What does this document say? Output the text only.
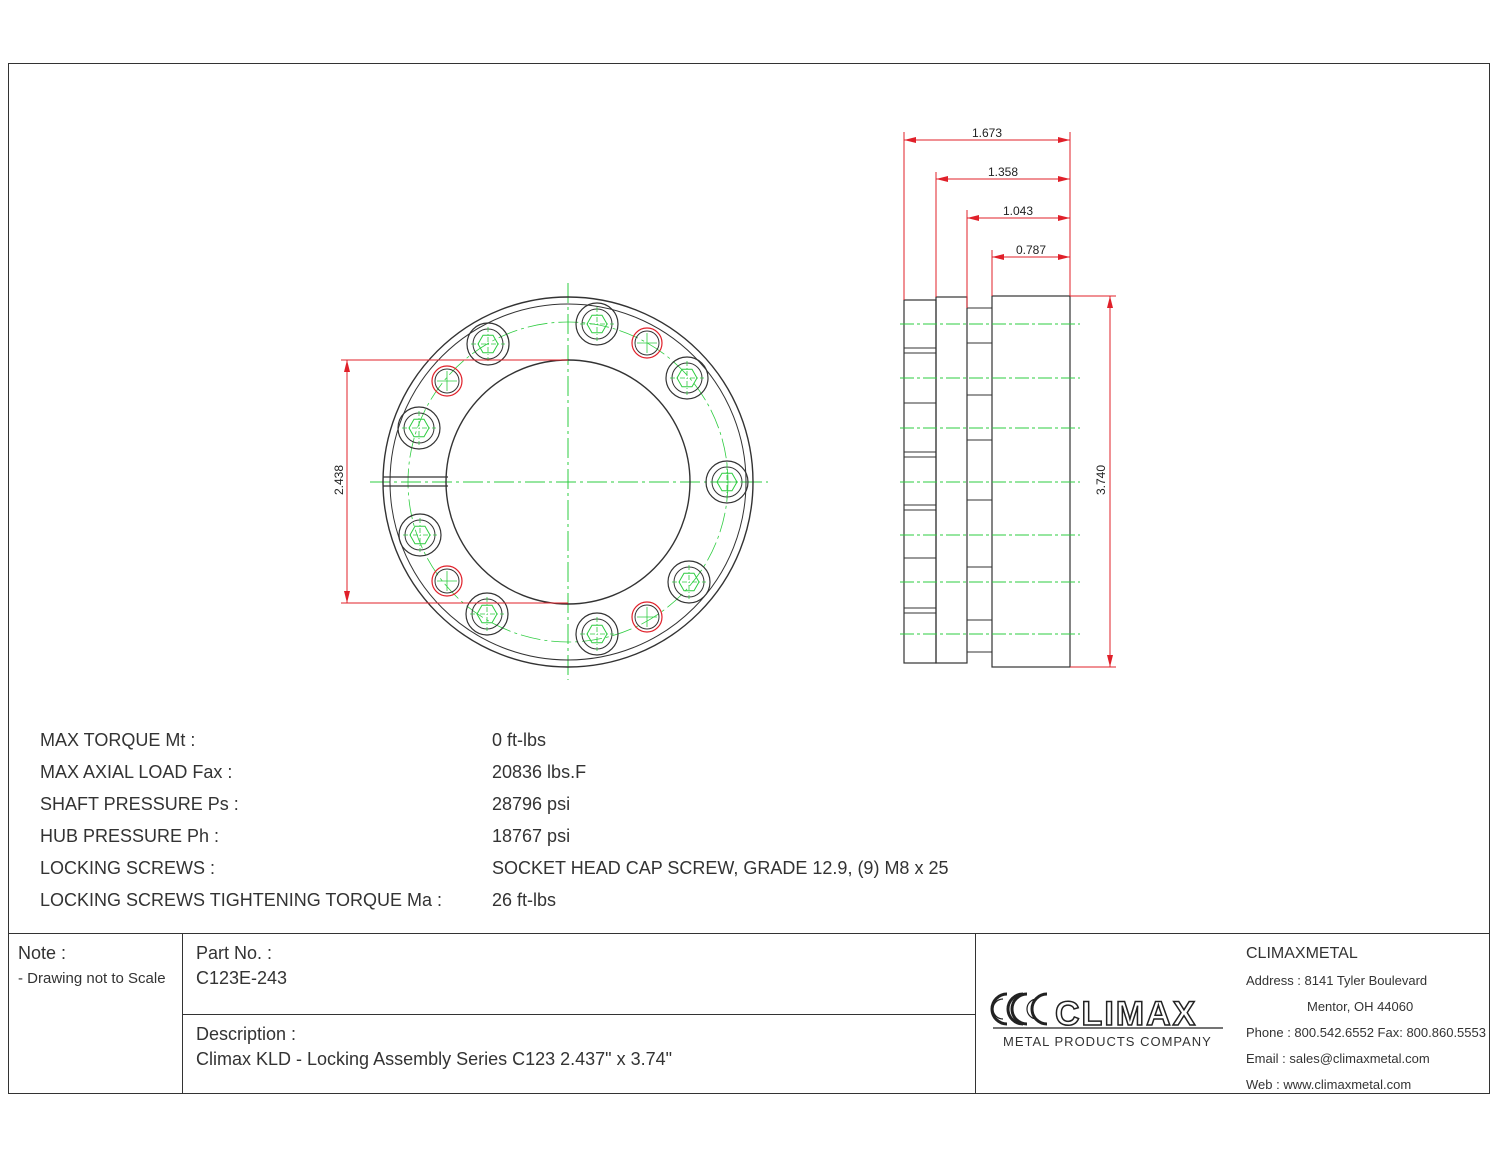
2.438
1.673
1.358
1.043
0.787
3.740
MAX TORQUE Mt :	0 ft-lbs
MAX AXIAL LOAD Fax :	20836 lbs.F
SHAFT PRESSURE Ps :	28796 psi
HUB PRESSURE Ph :	18767 psi
LOCKING SCREWS :	SOCKET HEAD CAP SCREW, GRADE 12.9, (9) M8 x 25
LOCKING SCREWS TIGHTENING TORQUE Ma :	26 ft-lbs
Note :
- Drawing not to Scale
Part No. :
C123E-243
Description :
Climax KLD - Locking Assembly Series C123 2.437" x 3.74"
CLIMAX
METAL PRODUCTS COMPANY
CLIMAXMETAL
Address : 8141 Tyler Boulevard
Mentor, OH 44060
Phone : 800.542.6552 Fax: 800.860.5553
Email : sales@climaxmetal.com
Web : www.climaxmetal.com
